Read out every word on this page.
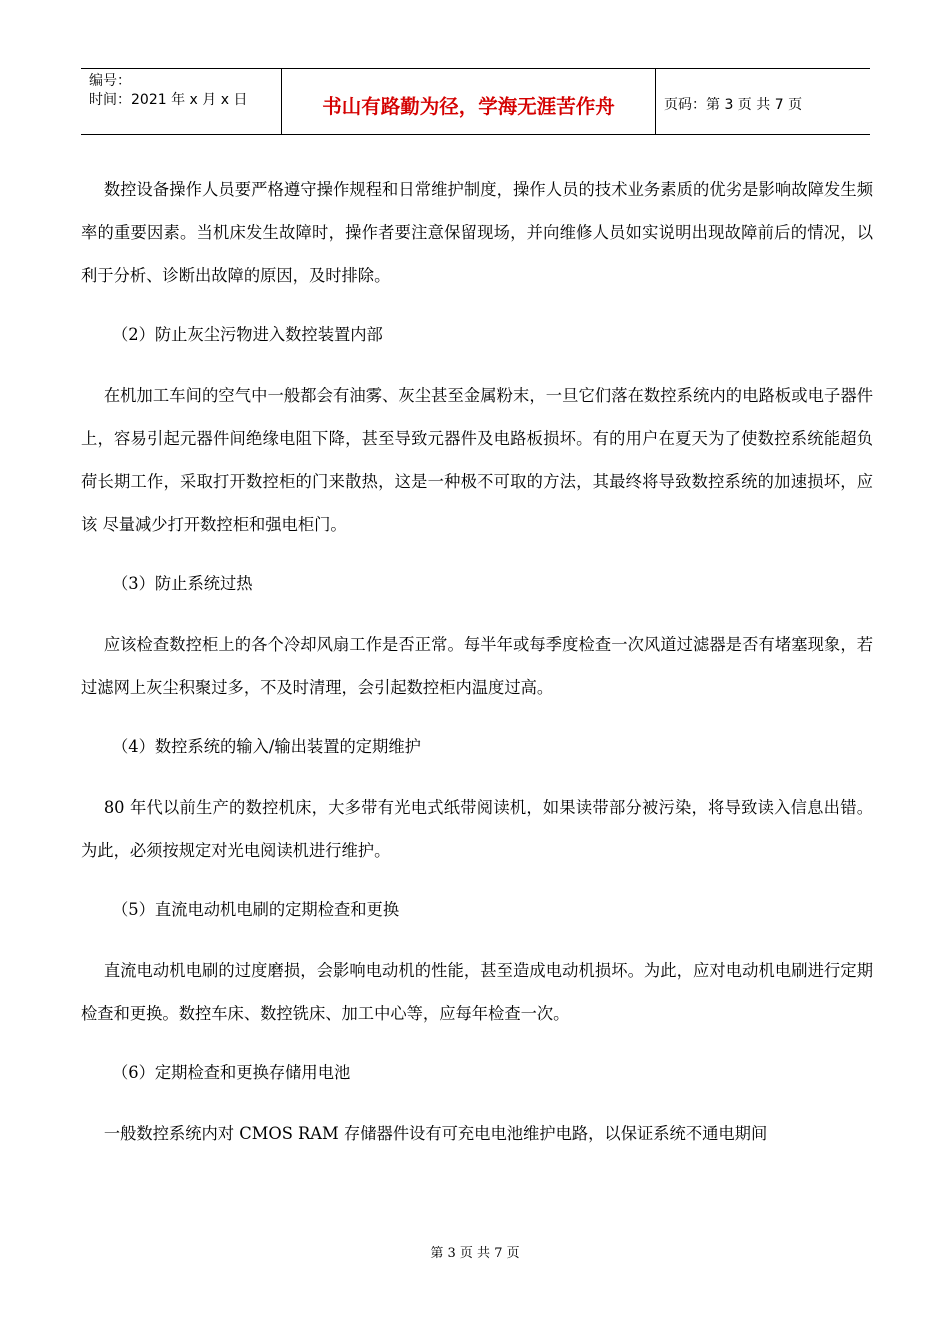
编号：
时间：2021 年 x 月 x 日	书山有路勤为径，学海无涯苦作舟	页码：第 3 页 共 7 页

数控设备操作人员要严格遵守操作规程和日常维护制度，操作人员的技术业务素质的优劣是影响故障发生频率的重要因素。当机床发生故障时，操作者要注意保留现场，并向维修人员如实说明出现故障前后的情况，以利于分析、诊断出故障的原因，及时排除。

（2）防止灰尘污物进入数控装置内部

在机加工车间的空气中一般都会有油雾、灰尘甚至金属粉末，一旦它们落在数控系统内的电路板或电子器件上，容易引起元器件间绝缘电阻下降，甚至导致元器件及电路板损坏。有的用户在夏天为了使数控系统能超负荷长期工作，采取打开数控柜的门来散热，这是一种极不可取的方法，其最终将导致数控系统的加速损坏，应该 尽量减少打开数控柜和强电柜门。

（3）防止系统过热

应该检查数控柜上的各个冷却风扇工作是否正常。每半年或每季度检查一次风道过滤器是否有堵塞现象，若过滤网上灰尘积聚过多，不及时清理，会引起数控柜内温度过高。

（4）数控系统的输入/输出装置的定期维护

80 年代以前生产的数控机床，大多带有光电式纸带阅读机，如果读带部分被污染，将导致读入信息出错。为此，必须按规定对光电阅读机进行维护。

（5）直流电动机电刷的定期检查和更换

直流电动机电刷的过度磨损，会影响电动机的性能，甚至造成电动机损坏。为此，应对电动机电刷进行定期检查和更换。数控车床、数控铣床、加工中心等，应每年检查一次。

（6）定期检查和更换存储用电池

一般数控系统内对 CMOS RAM 存储器件设有可充电电池维护电路，以保证系统不通电期间

第 3 页 共 7 页
